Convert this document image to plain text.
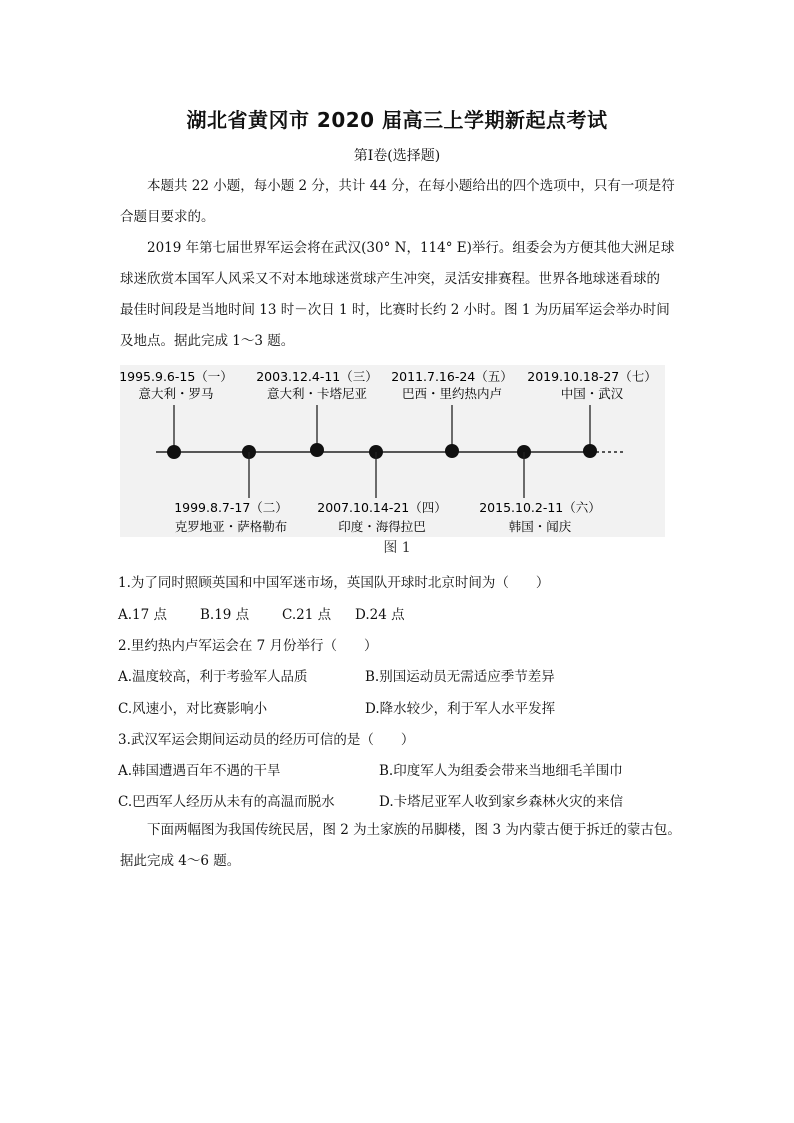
湖北省黄冈市 2020 届高三上学期新起点考试
第Ⅰ卷(选择题)
本题共 22 小题，每小题 2 分，共计 44 分，在每小题给出的四个选项中，只有一项是符
合题目要求的。
2019 年第七届世界军运会将在武汉(30° N，114° E)举行。组委会为方便其他大洲足球
球迷欣赏本国军人风采又不对本地球迷赏球产生冲突，灵活安排赛程。世界各地球迷看球的
最佳时间段是当地时间 13 时－次日 1 时，比赛时长约 2 小时。图 1 为历届军运会举办时间
及地点。据此完成 1～3 题。
1995.9.6-15（一）
意大利・罗马
2003.12.4-11（三）
意大利・卡塔尼亚
2011.7.16-24（五）
巴西・里约热内卢
2019.10.18-27（七）
中国・武汉
1999.8.7-17（二）
克罗地亚・萨格勒布
2007.10.14-21（四）
印度・海得拉巴
2015.10.2-11（六）
韩国・闻庆
图 1
1.为了同时照顾英国和中国军迷市场，英国队开球时北京时间为（　　）
A.17 点 B.19 点 C.21 点 D.24 点
2.里约热内卢军运会在 7 月份举行（　　）
A.温度较高，利于考验军人品质	B.别国运动员无需适应季节差异
C.风速小，对比赛影响小	D.降水较少，利于军人水平发挥
3.武汉军运会期间运动员的经历可信的是（　　）
A.韩国遭遇百年不遇的干旱	B.印度军人为组委会带来当地细毛羊围巾
C.巴西军人经历从未有的高温而脱水	D.卡塔尼亚军人收到家乡森林火灾的来信
下面两幅图为我国传统民居，图 2 为土家族的吊脚楼，图 3 为内蒙古便于拆迁的蒙古包。
据此完成 4～6 题。
